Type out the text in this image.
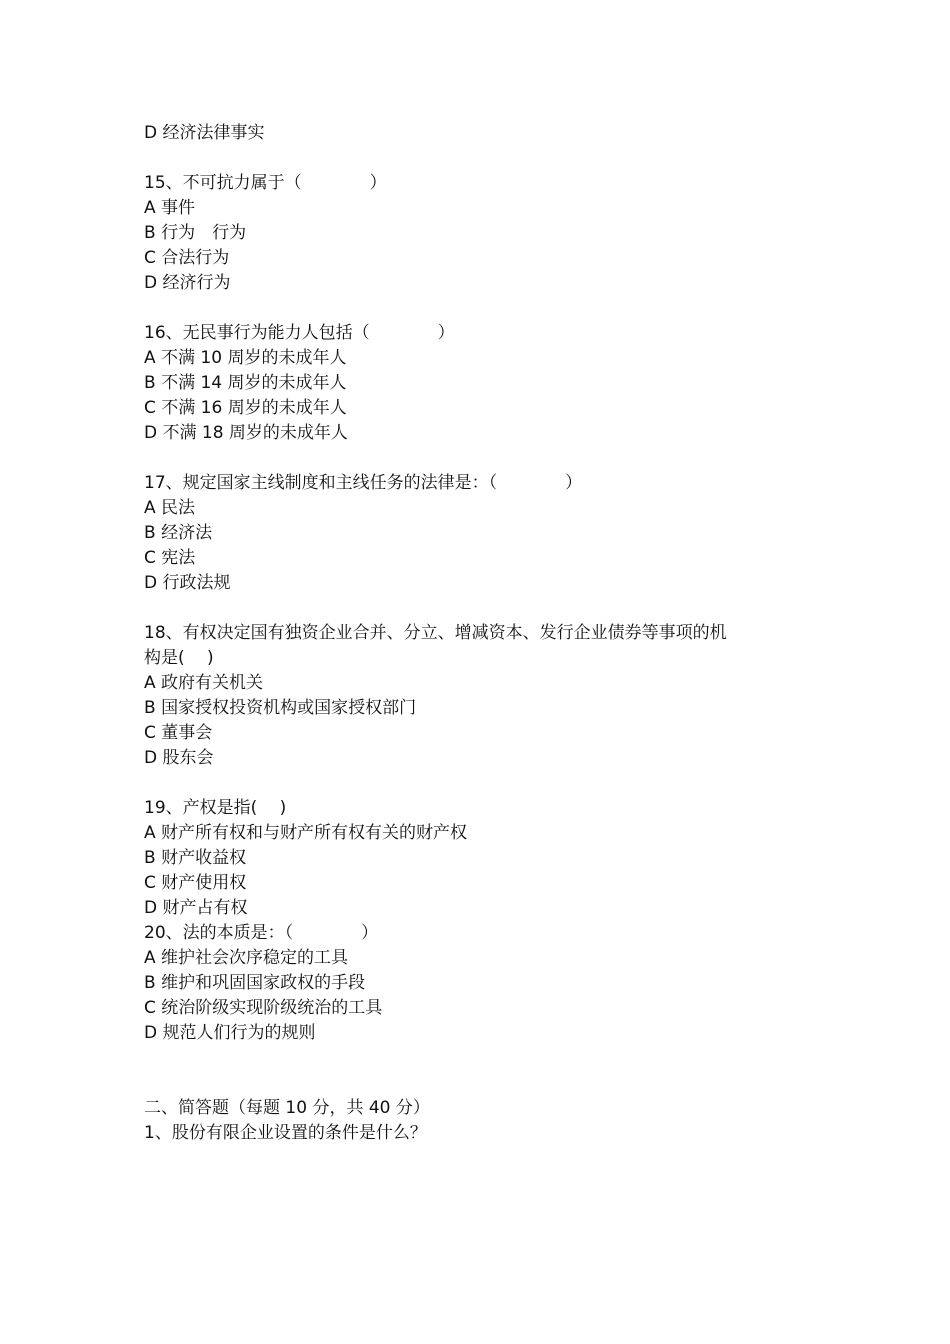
D 经济法律事实
15、不可抗力属于（　　　　）
A 事件
B 行为　行为
C 合法行为
D 经济行为
16、无民事行为能力人包括（　　　　）
A 不满 10 周岁的未成年人
B 不满 14 周岁的未成年人
C 不满 16 周岁的未成年人
D 不满 18 周岁的未成年人
17、规定国家主线制度和主线任务的法律是：（　　　　）
A 民法
B 经济法
C 宪法
D 行政法规
18、有权决定国有独资企业合并、分立、增减资本、发行企业债券等事项的机
构是(　 )
A 政府有关机关
B 国家授权投资机构或国家授权部门
C 董事会
D 股东会
19、产权是指(　 )
A 财产所有权和与财产所有权有关的财产权
B 财产收益权
C 财产使用权
D 财产占有权
20、法的本质是：（　　　　）
A 维护社会次序稳定的工具
B 维护和巩固国家政权的手段
C 统治阶级实现阶级统治的工具
D 规范人们行为的规则
二、简答题（每题 10 分，共 40 分）
1、股份有限企业设置的条件是什么？
